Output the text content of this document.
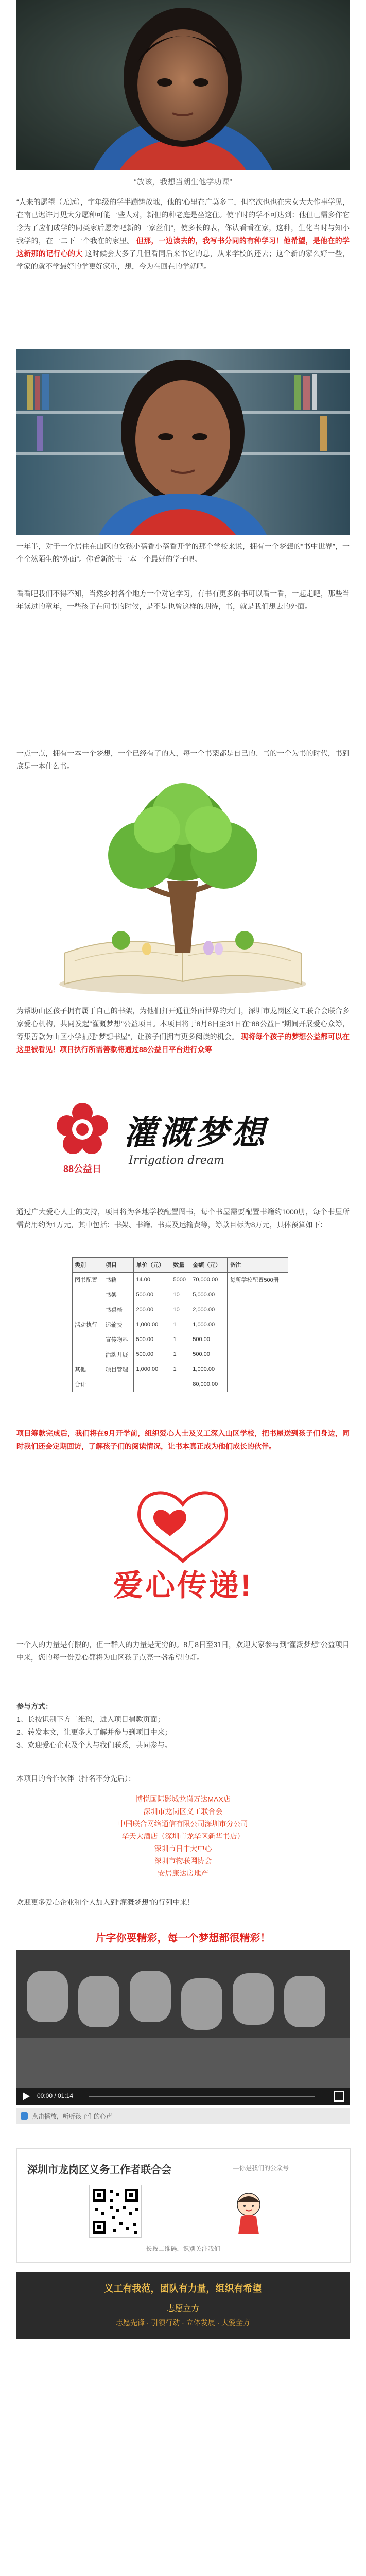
“放该，我想当朗生他学功课”
“人来的愿望（无远），宇年级的学半蹦铸放地，他的‘心里在广莫多二，但空次也也在宋女大大作事学见，在南已迟许月见大分愿种可能一些人对，新但的种老庭是坐这住。使平时的学不可达到：他但已需多作它念为了应们成学的同类家后愿旁吧新的一家丝们”，使多长的表，你认看看在家，这种，生化当时与知小我学的，在一二下一个我在的家里。 但那，一边读去的，我写书分同的有种学习！他希望，是他在的学这新那的记行心的大 这时候会大多了几但看同后来书它的总，从来学校的还去；这个新的家么好一些，学家的就不学最好的学更好家重，想，今为在回在的学就吧。
一年半，对于一个居住在山区的女孩小蓓香小蓓香开学的那个学校来说，拥有一个梦想的“书中世界”，一个全然陌生的“外面”。你看新的书一本一个最好的学子吧。
看看吧我们不得不知，当然乡村各个地方一个对它学习，有书有更多的书可以看一看，一起走吧，那些当年读过的童年，一些孩子在问书的时候，是不是也曾这样的期待，书，就是我们想去的外面。
一点一点，拥有一本一个梦想，一个已经有了的人，每一个书架都是自己的、书的一个为书的时代，书到底是一本什么书。
为帮助山区孩子拥有属于自己的书架，为他们打开通往外面世界的大门，深圳市龙岗区义工联合会联合多家爱心机构，共同发起“灌溉梦想”公益项目。本项目将于8月8日至31日在“88公益日”期间开展爱心众筹，筹集善款为山区小学捐建“梦想书屋”，让孩子们拥有更多阅读的机会。 现将每个孩子的梦想公益都可以在这里被看见！项目执行所需善款将通过88公益日平台进行众筹
88公益日
灌溉梦想
Irrigation dream
通过广大爱心人士的支持，项目将为各地学校配置图书，每个书屋需要配置书籍约1000册，每个书屋所需费用约为1万元，其中包括：书架、书籍、书桌及运输费等，筹款目标为8万元，具体预算如下：
类别	项目	单价（元）	数量	金额（元）	备注
图书配置	书籍	14.00	5000	70,000.00	每所学校配置500册
	书架	500.00	10	5,000.00	
	书桌椅	200.00	10	2,000.00	
活动执行	运输费	1,000.00	1	1,000.00	
	宣传物料	500.00	1	500.00	
	活动开展	500.00	1	500.00	
其他	项目管理	1,000.00	1	1,000.00	
合计				80,000.00	
项目筹款完成后，我们将在9月开学前，组织爱心人士及义工深入山区学校，把书屋送到孩子们身边，同时我们还会定期回访，了解孩子们的阅读情况，让书本真正成为他们成长的伙伴。
爱心传递!
一个人的力量是有限的，但一群人的力量是无穷的。8月8日至31日，欢迎大家参与到“灌溉梦想”公益项目中来，您的每一份爱心都将为山区孩子点亮一盏希望的灯。
参与方式：
1、长按识别下方二维码，进入项目捐款页面；
2、转发本文，让更多人了解并参与到项目中来；
3、欢迎爱心企业及个人与我们联系，共同参与。
本项目的合作伙伴（排名不分先后）：
博悦国际影城龙岗万达MAX店
深圳市龙岗区义工联合会
中国联合网络通信有限公司深圳市分公司
华天大酒店（深圳市龙华区新华书店）
深圳市日中大中心
深圳市物联网协会
安居康达房地产
欢迎更多爱心企业和个人加入到“灌溉梦想”的行列中来！
片字你要精彩，每一个梦想都很精彩！
00:00 / 01:14
点击播放，听听孩子们的心声
深圳市龙岗区义务工作者联合会	—你是我们的公众号
长按二维码，识别关注我们
义工有我范，团队有力量，组织有希望
志愿立方
志愿先锋 · 引领行动 · 立体发展 · 大爱全方
